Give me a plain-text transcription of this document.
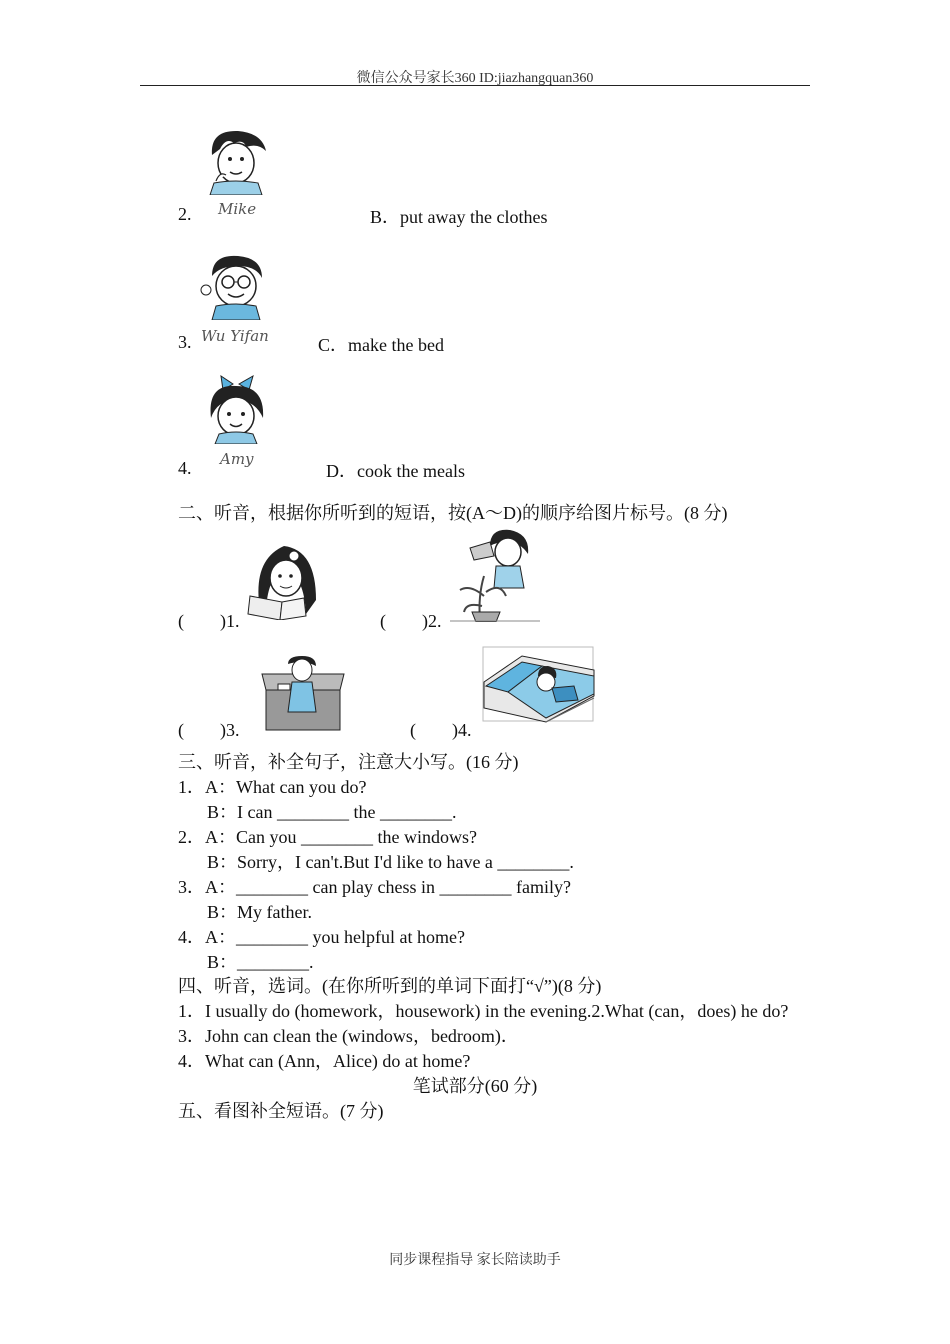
微信公众号家长360 ID:jiazhangquan360
Mike
2.	B．put away the clothes
Wu Yifan
3.	C．make the bed
Amy
4.	D．cook the meals
二、听音，根据你所听到的短语，按(A～D)的顺序给图片标号。(8 分)
(　　)1.	(　　)2.
(　　)3.	(　　)4.
三、听音，补全句子，注意大小写。(16 分)
1．A：What can you do?
B：I can ________ the ________.
2．A：Can you ________ the windows?
B：Sorry，I can't.But I'd like to have a ________.
3．A：________ can play chess in ________ family?
B：My father.
4．A：________ you helpful at home?
B：________.
四、听音，选词。(在你所听到的单词下面打“√”)(8 分)
1．I usually do (homework，housework) in the evening.2.What (can，does) he do?
3．John can clean the (windows，bedroom)．
4．What can (Ann，Alice) do at home?
笔试部分(60 分)
五、看图补全短语。(7 分)
同步课程指导 家长陪读助手
